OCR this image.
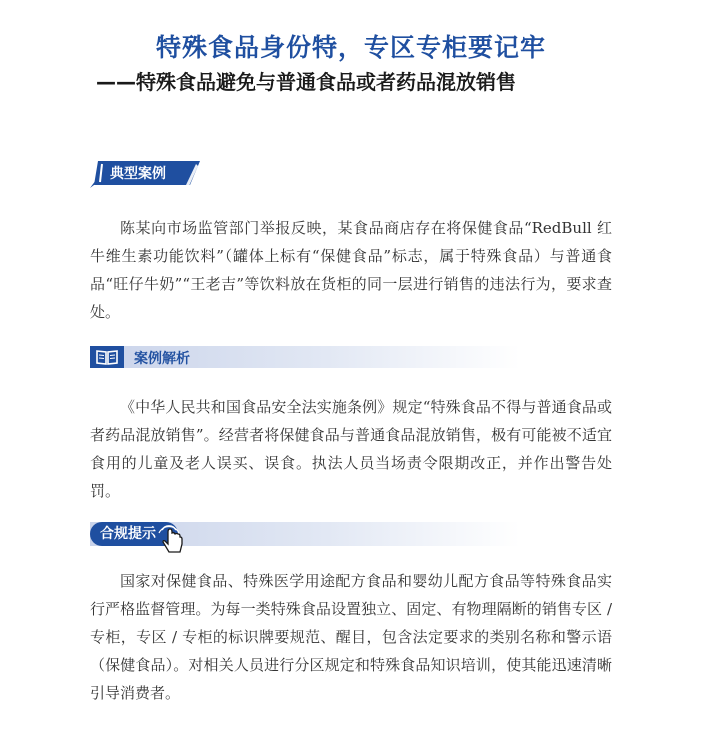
特殊食品身份特，专区专柜要记牢
——特殊食品避免与普通食品或者药品混放销售
典型案例

陈某向市场监管部门举报反映，某食品商店存在将保健食品“RedBull 红牛维生素功能饮料”（罐体上标有“保健食品”标志，属于特殊食品）与普通食品“旺仔牛奶”“王老吉”等饮料放在货柜的同一层进行销售的违法行为，要求查处。

案例解析

《中华人民共和国食品安全法实施条例》规定“特殊食品不得与普通食品或者药品混放销售”。经营者将保健食品与普通食品混放销售，极有可能被不适宜食用的儿童及老人误买、误食。执法人员当场责令限期改正，并作出警告处罚。

合规提示

国家对保健食品、特殊医学用途配方食品和婴幼儿配方食品等特殊食品实行严格监督管理。为每一类特殊食品设置独立、固定、有物理隔断的销售专区 / 专柜，专区 / 专柜的标识牌要规范、醒目，包含法定要求的类别名称和警示语（保健食品）。对相关人员进行分区规定和特殊食品知识培训，使其能迅速清晰引导消费者。
